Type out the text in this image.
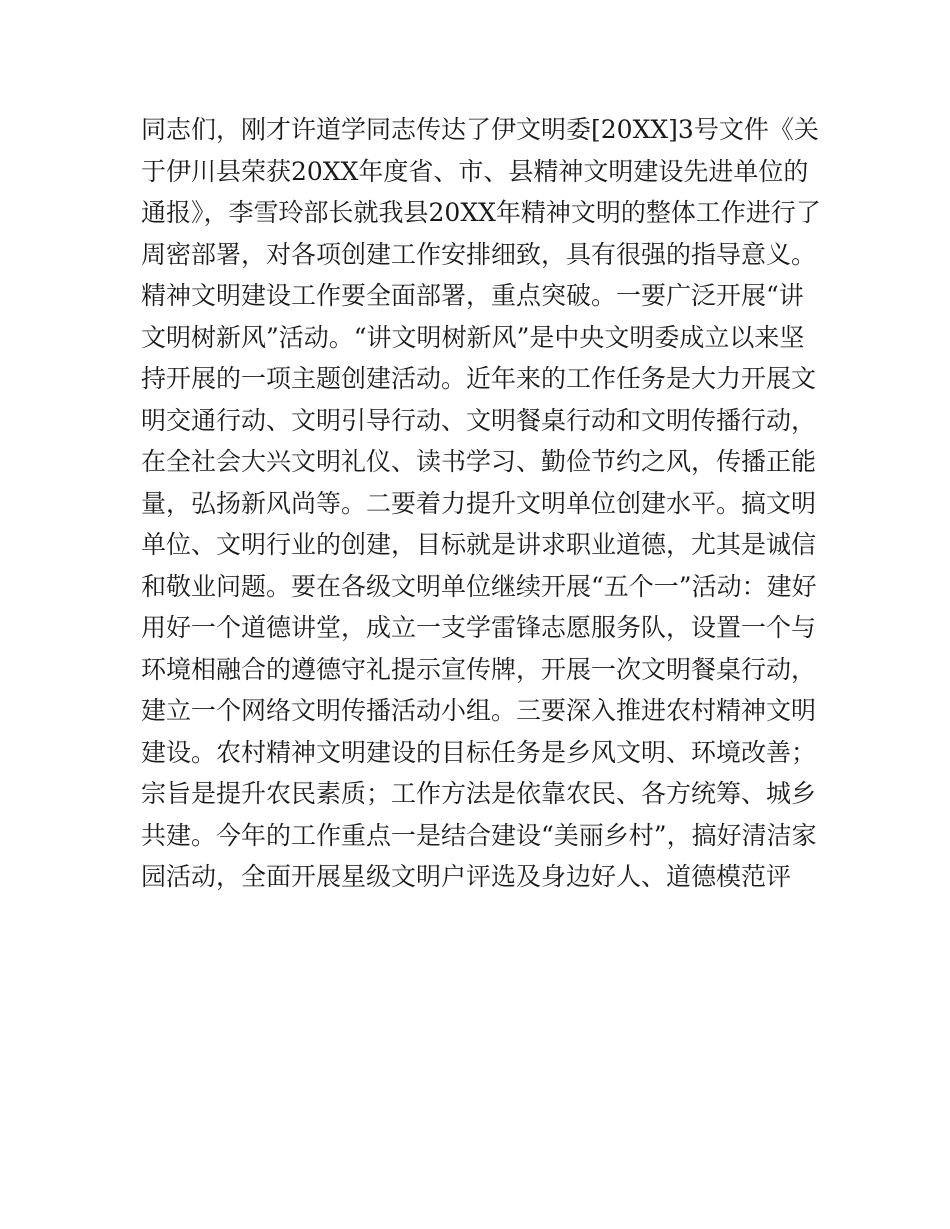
同志们，刚才许道学同志传达了伊文明委[20XX]3号文件《关于伊川县荣获20XX年度省、市、县精神文明建设先进单位的通报》，李雪玲部长就我县20XX年精神文明的整体工作进行了周密部署，对各项创建工作安排细致，具有很强的指导意义。

精神文明建设工作要全面部署，重点突破。一要广泛开展“讲文明树新风”活动。“讲文明树新风”是中央文明委成立以来坚持开展的一项主题创建活动。近年来的工作任务是大力开展文明交通行动、文明引导行动、文明餐桌行动和文明传播行动，在全社会大兴文明礼仪、读书学习、勤俭节约之风，传播正能量，弘扬新风尚等。二要着力提升文明单位创建水平。搞文明单位、文明行业的创建，目标就是讲求职业道德，尤其是诚信和敬业问题。要在各级文明单位继续开展“五个一”活动：建好用好一个道德讲堂，成立一支学雷锋志愿服务队，设置一个与环境相融合的遵德守礼提示宣传牌，开展一次文明餐桌行动，建立一个网络文明传播活动小组。三要深入推进农村精神文明建设。农村精神文明建设的目标任务是乡风文明、环境改善；宗旨是提升农民素质；工作方法是依靠农民、各方统筹、城乡共建。今年的工作重点一是结合建设“美丽乡村”，搞好清洁家园活动，全面开展星级文明户评选及身边好人、道德模范评
